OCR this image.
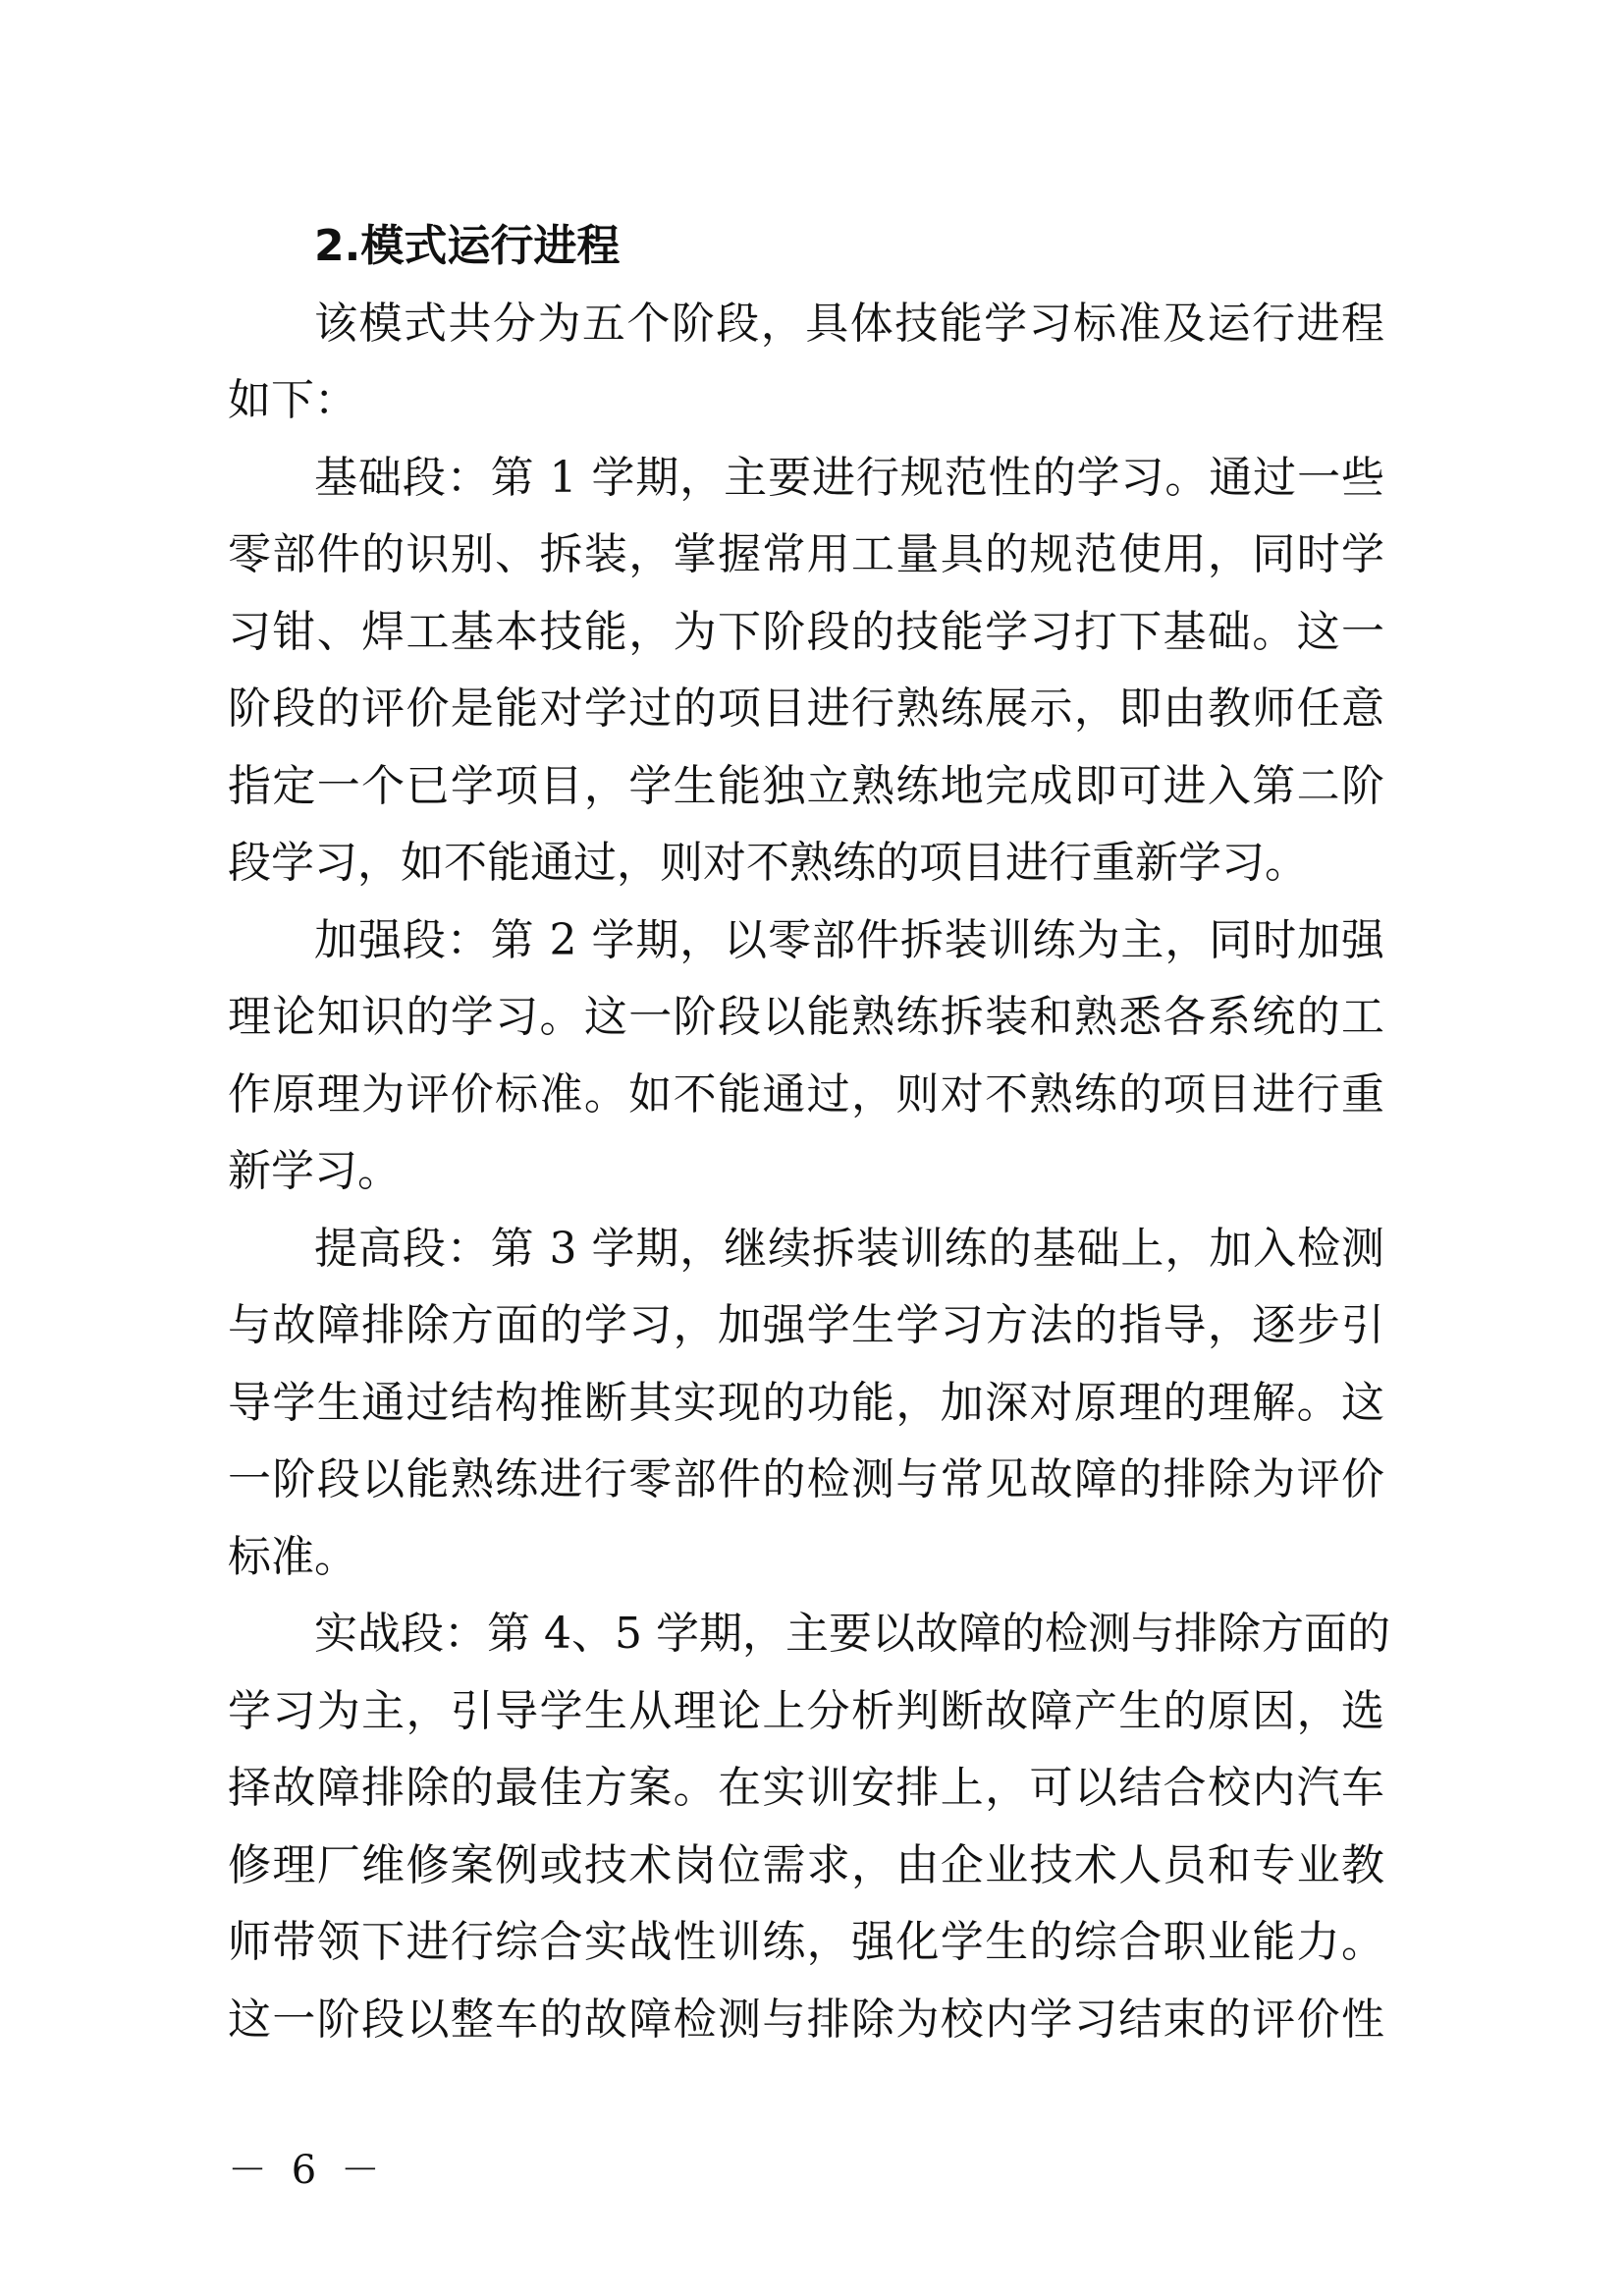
2.模式运行进程
该模式共分为五个阶段，具体技能学习标准及运行进程
如下：
基础段：第 1 学期，主要进行规范性的学习。通过一些
零部件的识别、拆装，掌握常用工量具的规范使用，同时学
习钳、焊工基本技能，为下阶段的技能学习打下基础。这一
阶段的评价是能对学过的项目进行熟练展示，即由教师任意
指定一个已学项目，学生能独立熟练地完成即可进入第二阶
段学习，如不能通过，则对不熟练的项目进行重新学习。
加强段：第 2 学期，以零部件拆装训练为主，同时加强
理论知识的学习。这一阶段以能熟练拆装和熟悉各系统的工
作原理为评价标准。如不能通过，则对不熟练的项目进行重
新学习。
提高段：第 3 学期，继续拆装训练的基础上，加入检测
与故障排除方面的学习，加强学生学习方法的指导，逐步引
导学生通过结构推断其实现的功能，加深对原理的理解。这
一阶段以能熟练进行零部件的检测与常见故障的排除为评价
标准。
实战段：第 4、5 学期，主要以故障的检测与排除方面的
学习为主，引导学生从理论上分析判断故障产生的原因，选
择故障排除的最佳方案。在实训安排上，可以结合校内汽车
修理厂维修案例或技术岗位需求，由企业技术人员和专业教
师带领下进行综合实战性训练，强化学生的综合职业能力。
这一阶段以整车的故障检测与排除为校内学习结束的评价性
－ 6 －
